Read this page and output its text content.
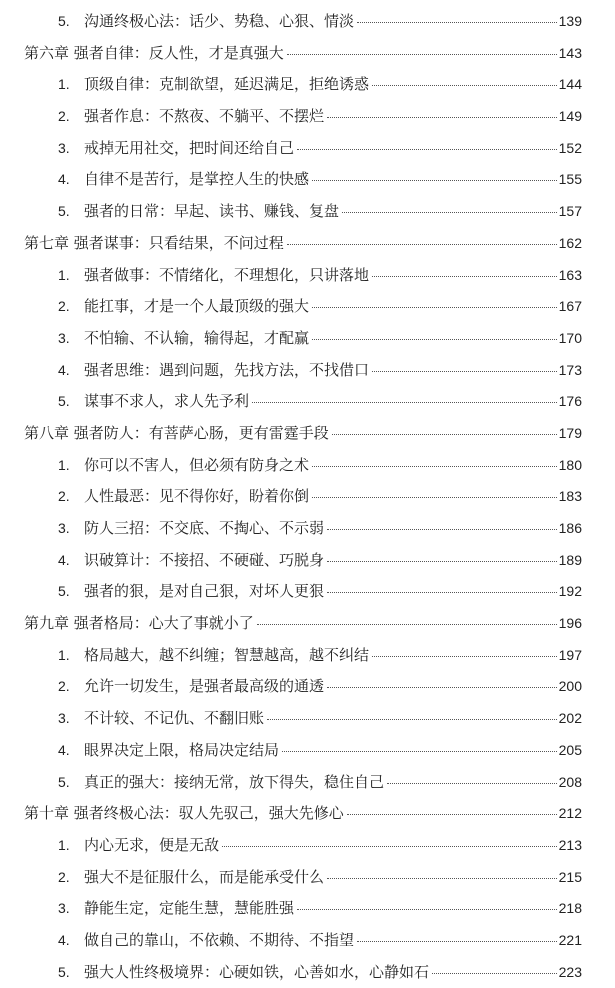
5. 沟通终极心法：话少、势稳、心狠、情淡	139
第六章 强者自律：反人性，才是真强大	143
1. 顶级自律：克制欲望，延迟满足，拒绝诱惑	144
2. 强者作息：不熬夜、不躺平、不摆烂	149
3. 戒掉无用社交，把时间还给自己	152
4. 自律不是苦行，是掌控人生的快感	155
5. 强者的日常：早起、读书、赚钱、复盘	157
第七章 强者谋事：只看结果，不问过程	162
1. 强者做事：不情绪化，不理想化，只讲落地	163
2. 能扛事，才是一个人最顶级的强大	167
3. 不怕输、不认输，输得起，才配赢	170
4. 强者思维：遇到问题，先找方法，不找借口	173
5. 谋事不求人，求人先予利	176
第八章 强者防人：有菩萨心肠，更有雷霆手段	179
1. 你可以不害人，但必须有防身之术	180
2. 人性最恶：见不得你好，盼着你倒	183
3. 防人三招：不交底、不掏心、不示弱	186
4. 识破算计：不接招、不硬碰、巧脱身	189
5. 强者的狠，是对自己狠，对坏人更狠	192
第九章 强者格局：心大了事就小了	196
1. 格局越大，越不纠缠；智慧越高，越不纠结	197
2. 允许一切发生，是强者最高级的通透	200
3. 不计较、不记仇、不翻旧账	202
4. 眼界决定上限，格局决定结局	205
5. 真正的强大：接纳无常，放下得失，稳住自己	208
第十章 强者终极心法：驭人先驭己，强大先修心	212
1. 内心无求，便是无敌	213
2. 强大不是征服什么，而是能承受什么	215
3. 静能生定，定能生慧，慧能胜强	218
4. 做自己的靠山，不依赖、不期待、不指望	221
5. 强大人性终极境界：心硬如铁，心善如水，心静如石	223
